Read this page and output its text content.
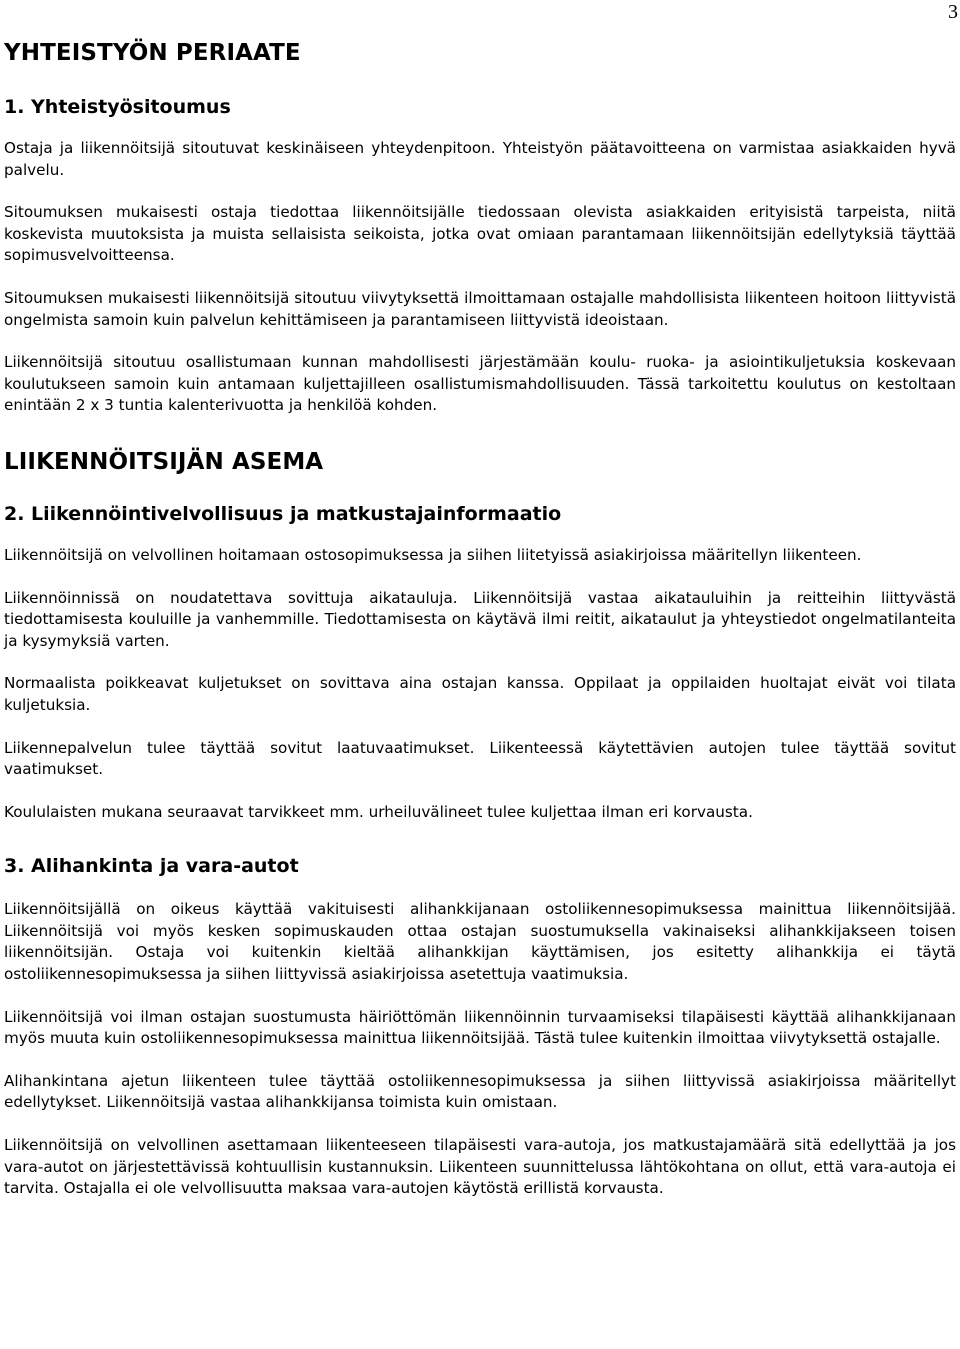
3
YHTEISTYÖN PERIAATE
1. Yhteistyösitoumus

Ostaja ja liikennöitsijä sitoutuvat keskinäiseen yhteydenpitoon. Yhteistyön päätavoitteena on varmistaa asiakkaiden hyvä palvelu.

Sitoumuksen mukaisesti ostaja tiedottaa liikennöitsijälle tiedossaan olevista asiakkaiden erityisistä tarpeista, niitä koskevista muutoksista ja muista sellaisista seikoista, jotka ovat omiaan parantamaan liikennöitsijän edellytyksiä täyttää sopimusvelvoitteensa.

Sitoumuksen mukaisesti liikennöitsijä sitoutuu viivytyksettä ilmoittamaan ostajalle mahdollisista liikenteen hoitoon liittyvistä ongelmista samoin kuin palvelun kehittämiseen ja parantamiseen liittyvistä ideoistaan.

Liikennöitsijä sitoutuu osallistumaan kunnan mahdollisesti järjestämään koulu- ruoka- ja asiointikuljetuksia koskevaan koulutukseen samoin kuin antamaan kuljettajilleen osallistumismahdollisuuden. Tässä tarkoitettu koulutus on kestoltaan enintään 2 x 3 tuntia kalenterivuotta ja henkilöä kohden.

LIIKENNÖITSIJÄN ASEMA
2. Liikennöintivelvollisuus ja matkustajainformaatio

Liikennöitsijä on velvollinen hoitamaan ostosopimuksessa ja siihen liitetyissä asiakirjoissa määritellyn liikenteen.

Liikennöinnissä on noudatettava sovittuja aikatauluja. Liikennöitsijä vastaa aikatauluihin ja reitteihin liittyvästä tiedottamisesta kouluille ja vanhemmille. Tiedottamisesta on käytävä ilmi reitit, aikataulut ja yhteystiedot ongelmatilanteita ja kysymyksiä varten.

Normaalista poikkeavat kuljetukset on sovittava aina ostajan kanssa. Oppilaat ja oppilaiden huoltajat eivät voi tilata kuljetuksia.

Liikennepalvelun tulee täyttää sovitut laatuvaatimukset. Liikenteessä käytettävien autojen tulee täyttää sovitut vaatimukset.

Koululaisten mukana seuraavat tarvikkeet mm. urheiluvälineet tulee kuljettaa ilman eri korvausta.

3. Alihankinta ja vara-autot

Liikennöitsijällä on oikeus käyttää vakituisesti alihankkijanaan ostoliikennesopimuksessa mainittua liikennöitsijää. Liikennöitsijä voi myös kesken sopimuskauden ottaa ostajan suostumuksella vakinaiseksi alihankkijakseen toisen liikennöitsijän. Ostaja voi kuitenkin kieltää alihankkijan käyttämisen, jos esitetty alihankkija ei täytä ostoliikennesopimuksessa ja siihen liittyvissä asiakirjoissa asetettuja vaatimuksia.

Liikennöitsijä voi ilman ostajan suostumusta häiriöttömän liikennöinnin turvaamiseksi tilapäisesti käyttää alihankkijanaan myös muuta kuin ostoliikennesopimuksessa mainittua liikennöitsijää. Tästä tulee kuitenkin ilmoittaa viivytyksettä ostajalle.

Alihankintana ajetun liikenteen tulee täyttää ostoliikennesopimuksessa ja siihen liittyvissä asiakirjoissa määritellyt edellytykset. Liikennöitsijä vastaa alihankkijansa toimista kuin omistaan.

Liikennöitsijä on velvollinen asettamaan liikenteeseen tilapäisesti vara-autoja, jos matkustajamäärä sitä edellyttää ja jos vara-autot on järjestettävissä kohtuullisin kustannuksin. Liikenteen suunnittelussa lähtökohtana on ollut, että vara-autoja ei tarvita. Ostajalla ei ole velvollisuutta maksaa vara-autojen käytöstä erillistä korvausta.
